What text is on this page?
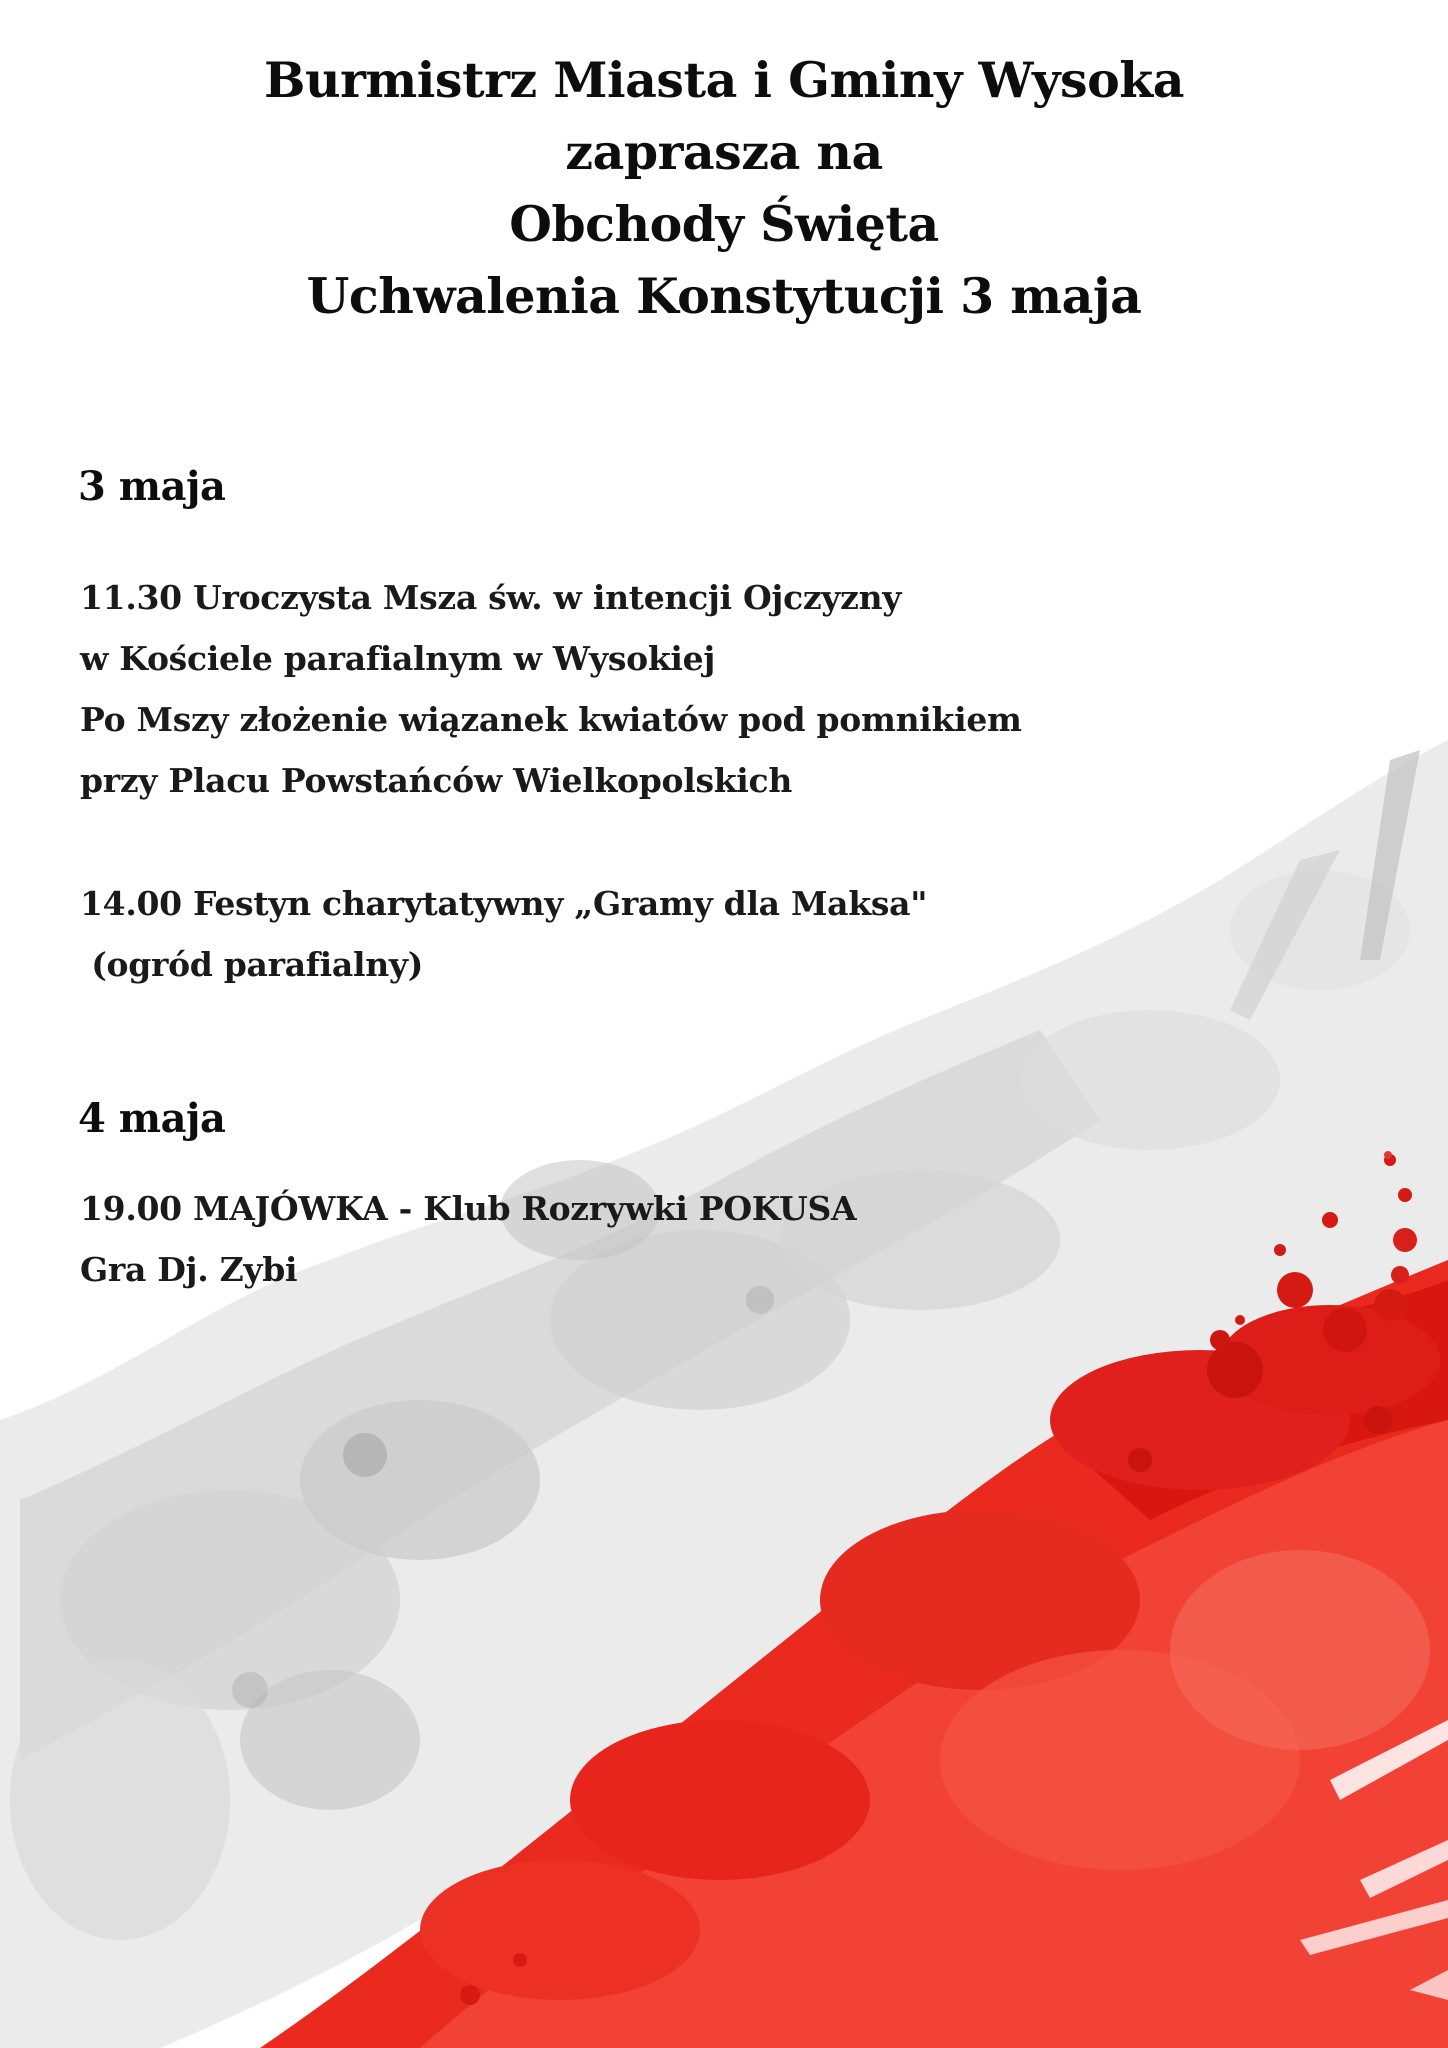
Burmistrz Miasta i Gminy Wysoka
zaprasza na
Obchody Święta
Uchwalenia Konstytucji 3 maja
3 maja
11.30 Uroczysta Msza św. w intencji Ojczyzny
w Kościele parafialnym w Wysokiej
Po Mszy złożenie wiązanek kwiatów pod pomnikiem
przy Placu Powstańców Wielkopolskich
14.00 Festyn charytatywny „Gramy dla Maksa"
(ogród parafialny)
4 maja
19.00 MAJÓWKA - Klub Rozrywki POKUSA
Gra Dj. Zybi
